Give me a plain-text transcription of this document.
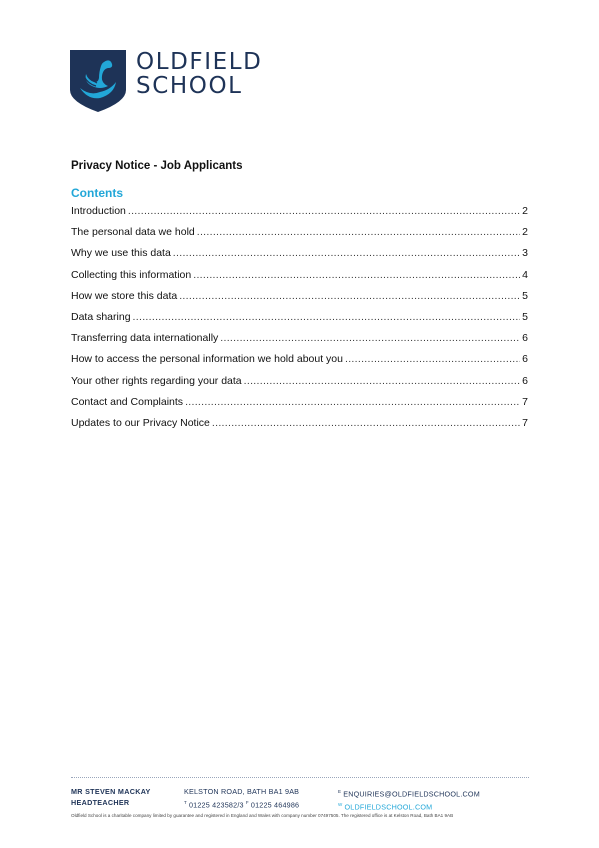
OLDFIELD
SCHOOL
Privacy Notice - Job Applicants
Contents
Introduction .....	2
The personal data we hold .....	2
Why we use this data .....	3
Collecting this information .....	4
How we store this data .....	5
Data sharing .....	5
Transferring data internationally .....	6
How to access the personal information we hold about you .....	6
Your other rights regarding your data .....	6
Contact and Complaints .....	7
Updates to our Privacy Notice .....	7
MR STEVEN MACKAY
HEADTEACHER
KELSTON ROAD, BATH BA1 9AB
$^T$ 01225 423582/3 $^F$ 01225 464986
$^E$ ENQUIRIES@OLDFIELDSCHOOL.COM
$^W$ OLDFIELDSCHOOL.COM
Oldfield School is a charitable company limited by guarantee and registered in England and Wales with company number 07497505. The registered office is at Kelston Road, Bath BA1 9AB
